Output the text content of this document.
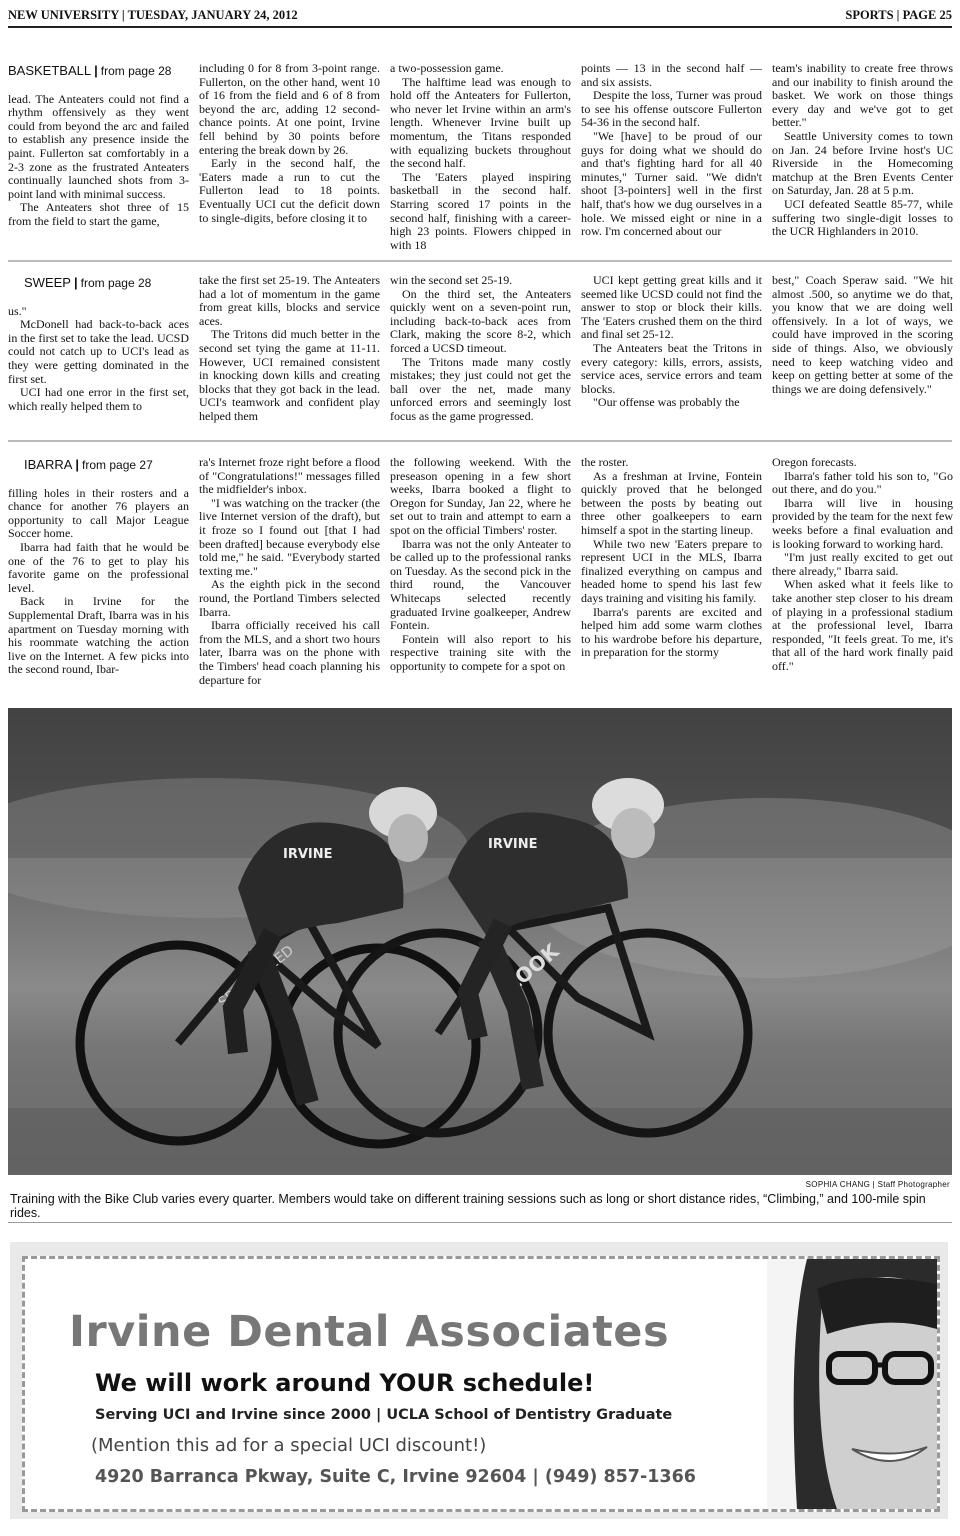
NEW UNIVERSITY | TUESDAY, JANUARY 24, 2012	SPORTS | PAGE 25
BASKETBALL | from page 28

lead. The Anteaters could not find a rhythm offensively as they went could from beyond the arc and failed to establish any presence inside the paint. Fullerton sat comfortably in a 2-3 zone as the frustrated Anteaters continually launched shots from 3-point land with minimal success.

The Anteaters shot three of 15 from the field to start the game,

including 0 for 8 from 3-point range. Fullerton, on the other hand, went 10 of 16 from the field and 6 of 8 from beyond the arc, adding 12 second-chance points. At one point, Irvine fell behind by 30 points before entering the break down by 26.

Early in the second half, the 'Eaters made a run to cut the Fullerton lead to 18 points. Eventually UCI cut the deficit down to single-digits, before closing it to

a two-possession game.

The halftime lead was enough to hold off the Anteaters for Fullerton, who never let Irvine within an arm's length. Whenever Irvine built up momentum, the Titans responded with equalizing buckets throughout the second half.

The 'Eaters played inspiring basketball in the second half. Starring scored 17 points in the second half, finishing with a career-high 23 points. Flowers chipped in with 18

points — 13 in the second half — and six assists.

Despite the loss, Turner was proud to see his offense outscore Fullerton 54-36 in the second half.

"We [have] to be proud of our guys for doing what we should do and that's fighting hard for all 40 minutes," Turner said. "We didn't shoot [3-pointers] well in the first half, that's how we dug ourselves in a hole. We missed eight or nine in a row. I'm concerned about our

team's inability to create free throws and our inability to finish around the basket. We work on those things every day and we've got to get better."

Seattle University comes to town on Jan. 24 before Irvine host's UC Riverside in the Homecoming matchup at the Bren Events Center on Saturday, Jan. 28 at 5 p.m.

UCI defeated Seattle 85-77, while suffering two single-digit losses to the UCR Highlanders in 2010.

SWEEP | from page 28

us."

McDonell had back-to-back aces in the first set to take the lead. UCSD could not catch up to UCI's lead as they were getting dominated in the first set.

UCI had one error in the first set, which really helped them to

take the first set 25-19. The Anteaters had a lot of momentum in the game from great kills, blocks and service aces.

The Tritons did much better in the second set tying the game at 11-11. However, UCI remained consistent in knocking down kills and creating blocks that they got back in the lead. UCI's teamwork and confident play helped them

win the second set 25-19.

On the third set, the Anteaters quickly went on a seven-point run, including back-to-back aces from Clark, making the score 8-2, which forced a UCSD timeout.

The Tritons made many costly mistakes; they just could not get the ball over the net, made many unforced errors and seemingly lost focus as the game progressed.

UCI kept getting great kills and it seemed like UCSD could not find the answer to stop or block their kills. The 'Eaters crushed them on the third and final set 25-12.

The Anteaters beat the Tritons in every category: kills, errors, assists, service aces, service errors and team blocks.

"Our offense was probably the

best," Coach Speraw said. "We hit almost .500, so anytime we do that, you know that we are doing well offensively. In a lot of ways, we could have improved in the scoring side of things. Also, we obviously need to keep watching video and keep on getting better at some of the things we are doing defensively."

IBARRA | from page 27

filling holes in their rosters and a chance for another 76 players an opportunity to call Major League Soccer home.

Ibarra had faith that he would be one of the 76 to get to play his favorite game on the professional level.

Back in Irvine for the Supplemental Draft, Ibarra was in his apartment on Tuesday morning with his roommate watching the action live on the Internet. A few picks into the second round, Ibar-

ra's Internet froze right before a flood of "Congratulations!" messages filled the midfielder's inbox.

"I was watching on the tracker (the live Internet version of the draft), but it froze so I found out [that I had been drafted] because everybody else told me," he said. "Everybody started texting me."

As the eighth pick in the second round, the Portland Timbers selected Ibarra.

Ibarra officially received his call from the MLS, and a short two hours later, Ibarra was on the phone with the Timbers' head coach planning his departure for

the following weekend. With the preseason opening in a few short weeks, Ibarra booked a flight to Oregon for Sunday, Jan 22, where he set out to train and attempt to earn a spot on the official Timbers' roster.

Ibarra was not the only Anteater to be called up to the professional ranks on Tuesday. As the second pick in the third round, the Vancouver Whitecaps selected recently graduated Irvine goalkeeper, Andrew Fontein.

Fontein will also report to his respective training site with the opportunity to compete for a spot on

the roster.

As a freshman at Irvine, Fontein quickly proved that he belonged between the posts by beating out three other goalkeepers to earn himself a spot in the starting lineup.

While two new 'Eaters prepare to represent UCI in the MLS, Ibarra finalized everything on campus and headed home to spend his last few days training and visiting his family.

Ibarra's parents are excited and helped him add some warm clothes to his wardrobe before his departure, in preparation for the stormy

Oregon forecasts.

Ibarra's father told his son to, "Go out there, and do you."

Ibarra will live in housing provided by the team for the next few weeks before a final evaluation and is looking forward to working hard.

"I'm just really excited to get out there already," Ibarra said.

When asked what it feels like to take another step closer to his dream of playing in a professional stadium at the professional level, Ibarra responded, "It feels great. To me, it's that all of the hard work finally paid off."

SPECIALIZED	LOOK
IRVINE
IRVINE
SOPHIA CHANG | Staff Photographer
Training with the Bike Club varies every quarter. Members would take on different training sessions such as long or short distance rides, “Climbing,” and 100-mile spin rides.
Irvine Dental Associates
We will work around YOUR schedule!
Serving UCI and Irvine since 2000 | UCLA School of Dentistry Graduate
(Mention this ad for a special UCI discount!)
4920 Barranca Pkway, Suite C, Irvine 92604 | (949) 857-1366
